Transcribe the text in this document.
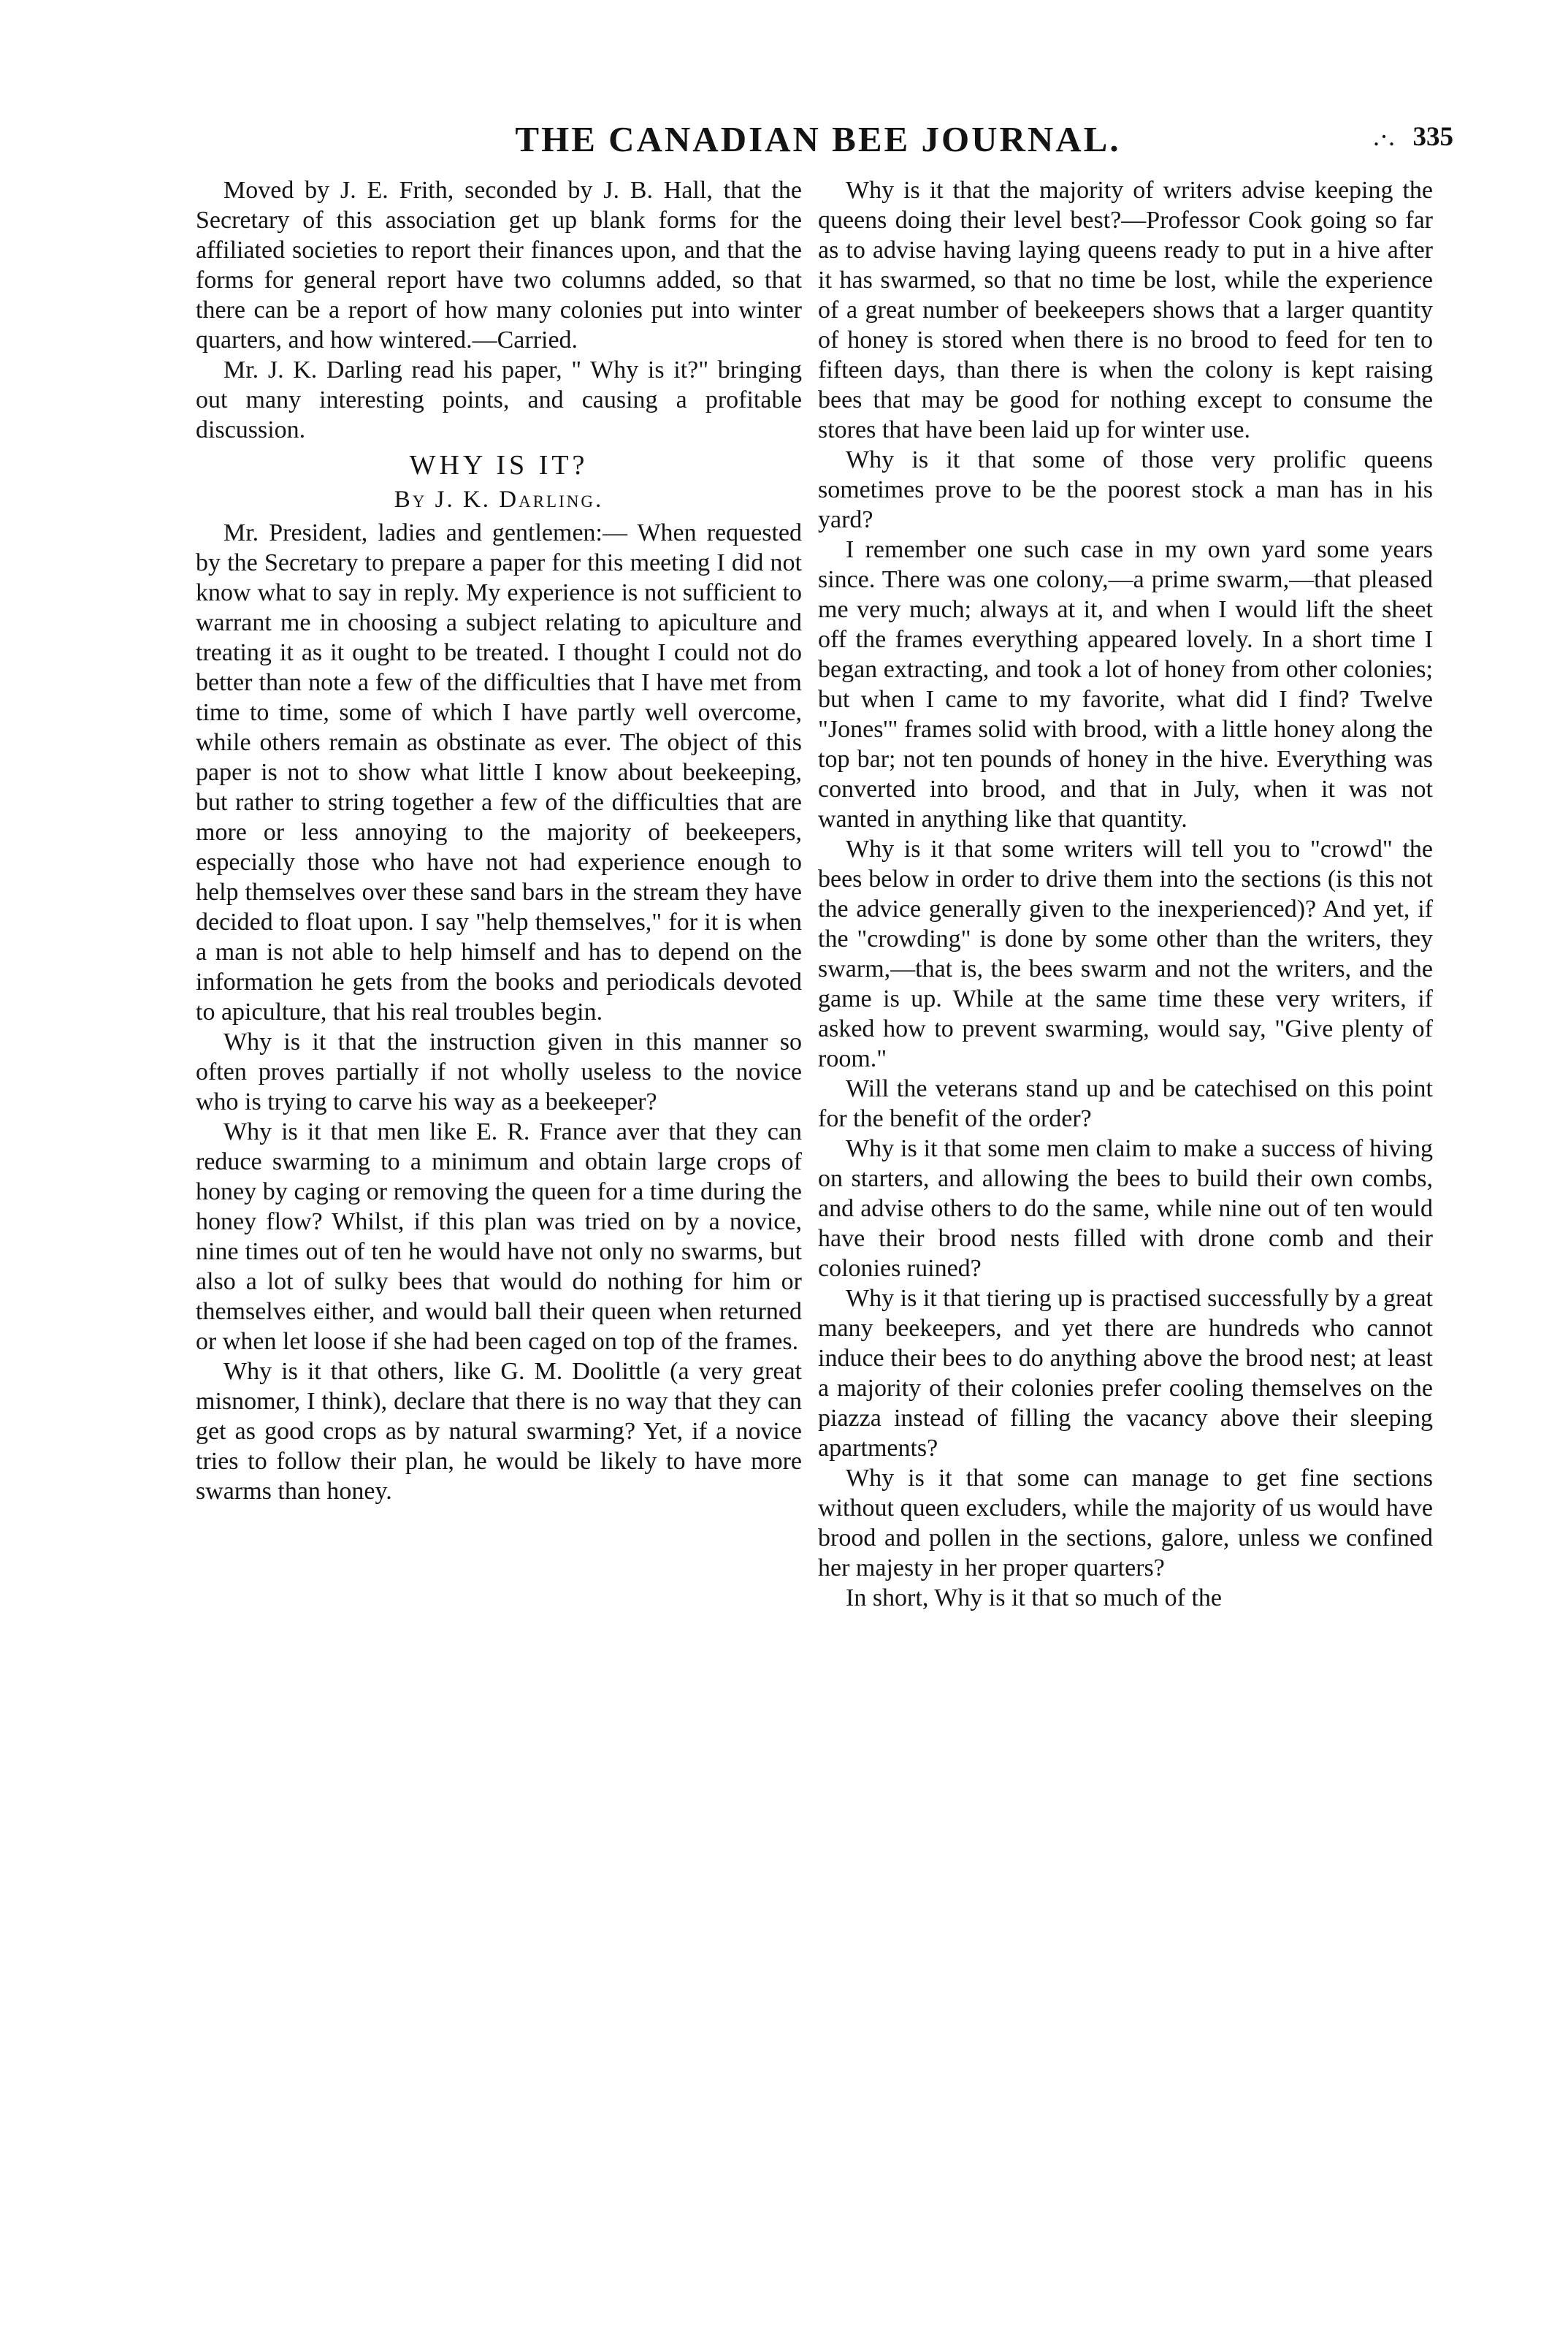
THE CANADIAN BEE JOURNAL.	.·. 335

Moved by J. E. Frith, seconded by J. B. Hall, that the Secretary of this association get up blank forms for the affiliated societies to report their finances upon, and that the forms for general report have two columns added, so that there can be a report of how many colonies put into winter quarters, and how wintered.—Carried.

Mr. J. K. Darling read his paper, " Why is it?" bringing out many interesting points, and causing a profitable discussion.

WHY IS IT?
By J. K. Darling.

Mr. President, ladies and gentlemen:— When requested by the Secretary to prepare a paper for this meeting I did not know what to say in reply. My experience is not sufficient to warrant me in choosing a subject relating to apiculture and treating it as it ought to be treated. I thought I could not do better than note a few of the difficulties that I have met from time to time, some of which I have partly well overcome, while others remain as obstinate as ever. The object of this paper is not to show what little I know about beekeeping, but rather to string together a few of the difficulties that are more or less annoying to the majority of beekeepers, especially those who have not had experience enough to help themselves over these sand bars in the stream they have decided to float upon. I say "help themselves," for it is when a man is not able to help himself and has to depend on the information he gets from the books and periodicals devoted to apiculture, that his real troubles begin.

Why is it that the instruction given in this manner so often proves partially if not wholly useless to the novice who is trying to carve his way as a beekeeper?

Why is it that men like E. R. France aver that they can reduce swarming to a minimum and obtain large crops of honey by caging or removing the queen for a time during the honey flow? Whilst, if this plan was tried on by a novice, nine times out of ten he would have not only no swarms, but also a lot of sulky bees that would do nothing for him or themselves either, and would ball their queen when returned or when let loose if she had been caged on top of the frames.

Why is it that others, like G. M. Doolittle (a very great misnomer, I think), declare that there is no way that they can get as good crops as by natural swarming? Yet, if a novice tries to follow their plan, he would be likely to have more swarms than honey.

Why is it that the majority of writers advise keeping the queens doing their level best?—Professor Cook going so far as to advise having laying queens ready to put in a hive after it has swarmed, so that no time be lost, while the experience of a great number of beekeepers shows that a larger quantity of honey is stored when there is no brood to feed for ten to fifteen days, than there is when the colony is kept raising bees that may be good for nothing except to consume the stores that have been laid up for winter use.

Why is it that some of those very prolific queens sometimes prove to be the poorest stock a man has in his yard?

I remember one such case in my own yard some years since. There was one colony,—a prime swarm,—that pleased me very much; always at it, and when I would lift the sheet off the frames everything appeared lovely. In a short time I began extracting, and took a lot of honey from other colonies; but when I came to my favorite, what did I find? Twelve "Jones'" frames solid with brood, with a little honey along the top bar; not ten pounds of honey in the hive. Everything was converted into brood, and that in July, when it was not wanted in anything like that quantity.

Why is it that some writers will tell you to "crowd" the bees below in order to drive them into the sections (is this not the advice generally given to the inexperienced)? And yet, if the "crowding" is done by some other than the writers, they swarm,—that is, the bees swarm and not the writers, and the game is up. While at the same time these very writers, if asked how to prevent swarming, would say, "Give plenty of room."

Will the veterans stand up and be catechised on this point for the benefit of the order?

Why is it that some men claim to make a success of hiving on starters, and allowing the bees to build their own combs, and advise others to do the same, while nine out of ten would have their brood nests filled with drone comb and their colonies ruined?

Why is it that tiering up is practised successfully by a great many beekeepers, and yet there are hundreds who cannot induce their bees to do anything above the brood nest; at least a majority of their colonies prefer cooling themselves on the piazza instead of filling the vacancy above their sleeping apartments?

Why is it that some can manage to get fine sections without queen excluders, while the majority of us would have brood and pollen in the sections, galore, unless we confined her majesty in her proper quarters?

In short, Why is it that so much of the
